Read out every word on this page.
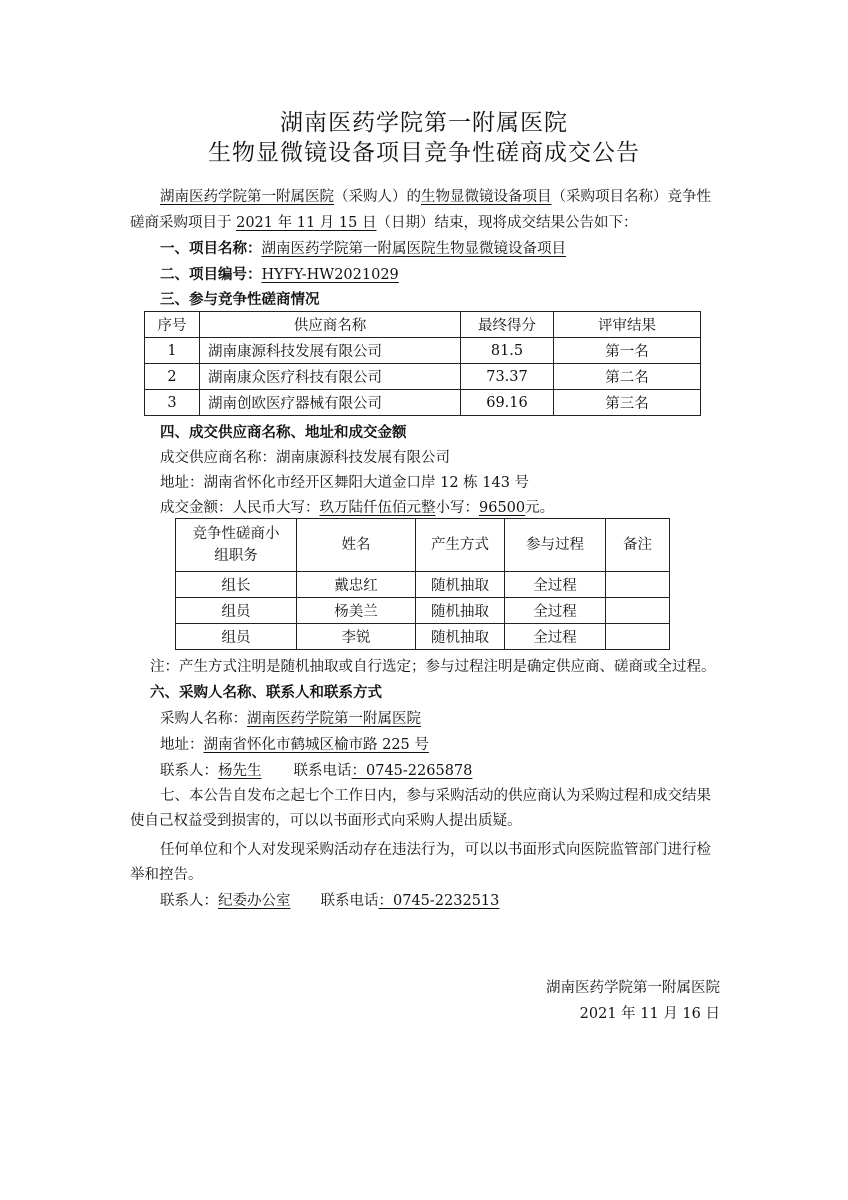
湖南医药学院第一附属医院
生物显微镜设备项目竞争性磋商成交公告
湖南医药学院第一附属医院（采购人）的生物显微镜设备项目（采购项目名称）竞争性
磋商采购项目于 2021 年 11 月 15 日（日期）结束，现将成交结果公告如下：
一、项目名称：湖南医药学院第一附属医院生物显微镜设备项目
二、项目编号：HYFY-HW2021029
三、参与竞争性磋商情况
序号	供应商名称	最终得分	评审结果
1	湖南康源科技发展有限公司	81.5	第一名
2	湖南康众医疗科技有限公司	73.37	第二名
3	湖南创欧医疗器械有限公司	69.16	第三名
四、成交供应商名称、地址和成交金额
成交供应商名称：湖南康源科技发展有限公司
地址：湖南省怀化市经开区舞阳大道金口岸 12 栋 143 号
成交金额：人民币大写：玖万陆仟伍佰元整小写：96500元。
竞争性磋商小
组职务	姓名	产生方式	参与过程	备注
组长	戴忠红	随机抽取	全过程	
组员	杨美兰	随机抽取	全过程	
组员	李锐	随机抽取	全过程	
注：产生方式注明是随机抽取或自行选定；参与过程注明是确定供应商、磋商或全过程。
六、采购人名称、联系人和联系方式
采购人名称：湖南医药学院第一附属医院
地址：湖南省怀化市鹤城区榆市路 225 号
联系人：杨先生 联系电话：0745-2265878
七、本公告自发布之起七个工作日内，参与采购活动的供应商认为采购过程和成交结果
使自己权益受到损害的，可以以书面形式向采购人提出质疑。
任何单位和个人对发现采购活动存在违法行为，可以以书面形式向医院监管部门进行检
举和控告。
联系人：纪委办公室 联系电话：0745-2232513
湖南医药学院第一附属医院
2021 年 11 月 16 日
